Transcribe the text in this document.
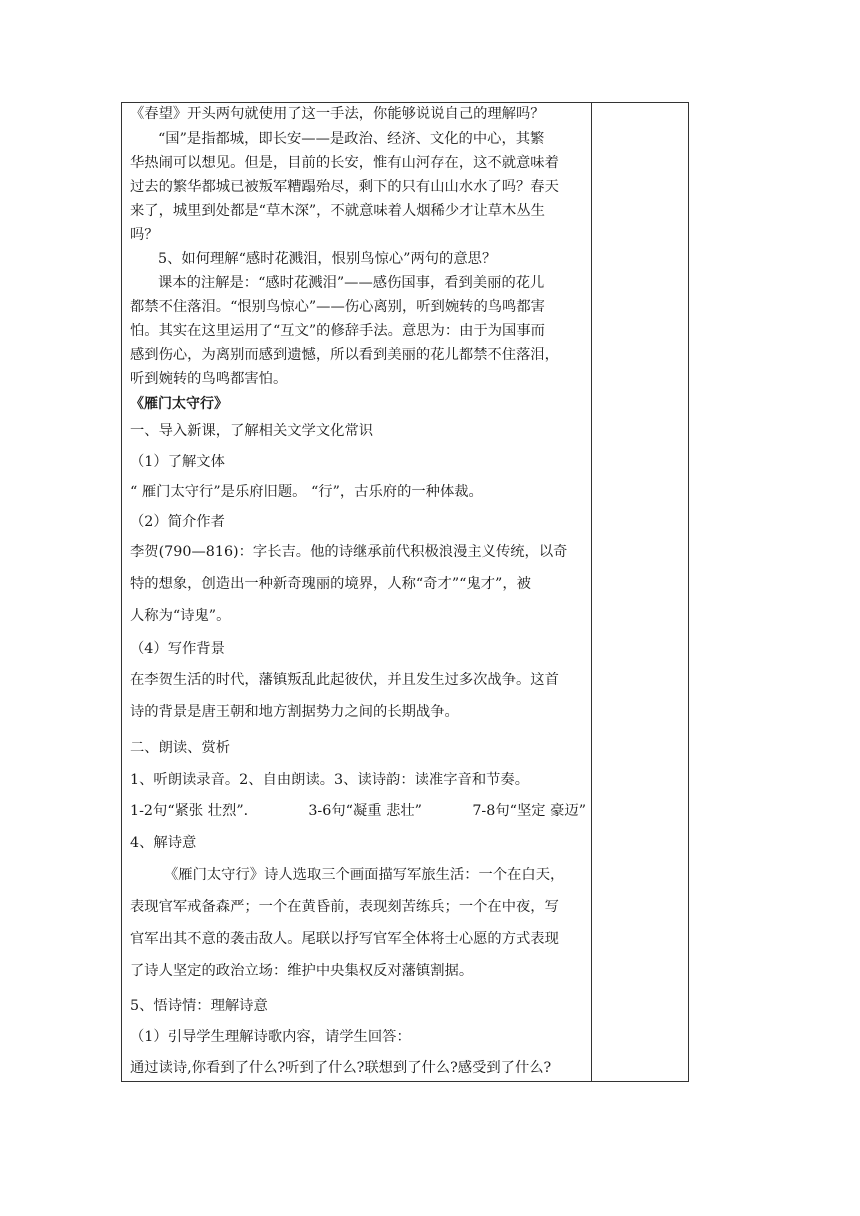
《春望》开头两句就使用了这一手法，你能够说说自己的理解吗？
“国”是指都城，即长安——是政治、经济、文化的中心，其繁
华热闹可以想见。但是，目前的长安，惟有山河存在，这不就意味着
过去的繁华都城已被叛军糟蹋殆尽，剩下的只有山山水水了吗？春天
来了，城里到处都是“草木深”，不就意味着人烟稀少才让草木丛生
吗？
5、如何理解“感时花溅泪，恨别鸟惊心”两句的意思？
课本的注解是：“感时花溅泪”——感伤国事，看到美丽的花儿
都禁不住落泪。“恨别鸟惊心”——伤心离别，听到婉转的鸟鸣都害
怕。其实在这里运用了“互文”的修辞手法。意思为：由于为国事而
感到伤心，为离别而感到遗憾，所以看到美丽的花儿都禁不住落泪，
听到婉转的鸟鸣都害怕。
《雁门太守行》
一、导入新课，了解相关文学文化常识
（1）了解文体
“ 雁门太守行”是乐府旧题。 “行”，古乐府的一种体裁。
（2）简介作者
李贺(790—816)：字长吉。他的诗继承前代积极浪漫主义传统，以奇
特的想象，创造出一种新奇瑰丽的境界，人称“奇才”“鬼才”，被
人称为“诗鬼”。
（4）写作背景
在李贺生活的时代，藩镇叛乱此起彼伏，并且发生过多次战争。这首
诗的背景是唐王朝和地方割据势力之间的长期战争。
二、朗读、赏析
1、听朗读录音。2、自由朗读。3、读诗韵：读准字音和节奏。
1-2句“紧张 壮烈”．	3-6句“凝重 悲壮”	7-8句“坚定 豪迈”
4、解诗意
《雁门太守行》诗人选取三个画面描写军旅生活：一个在白天，
表现官军戒备森严；一个在黄昏前，表现刻苦练兵；一个在中夜，写
官军出其不意的袭击敌人。尾联以抒写官军全体将士心愿的方式表现
了诗人坚定的政治立场：维护中央集权反对藩镇割据。
5、悟诗情：理解诗意
（1）引导学生理解诗歌内容，请学生回答：
通过读诗,你看到了什么?听到了什么?联想到了什么?感受到了什么?
